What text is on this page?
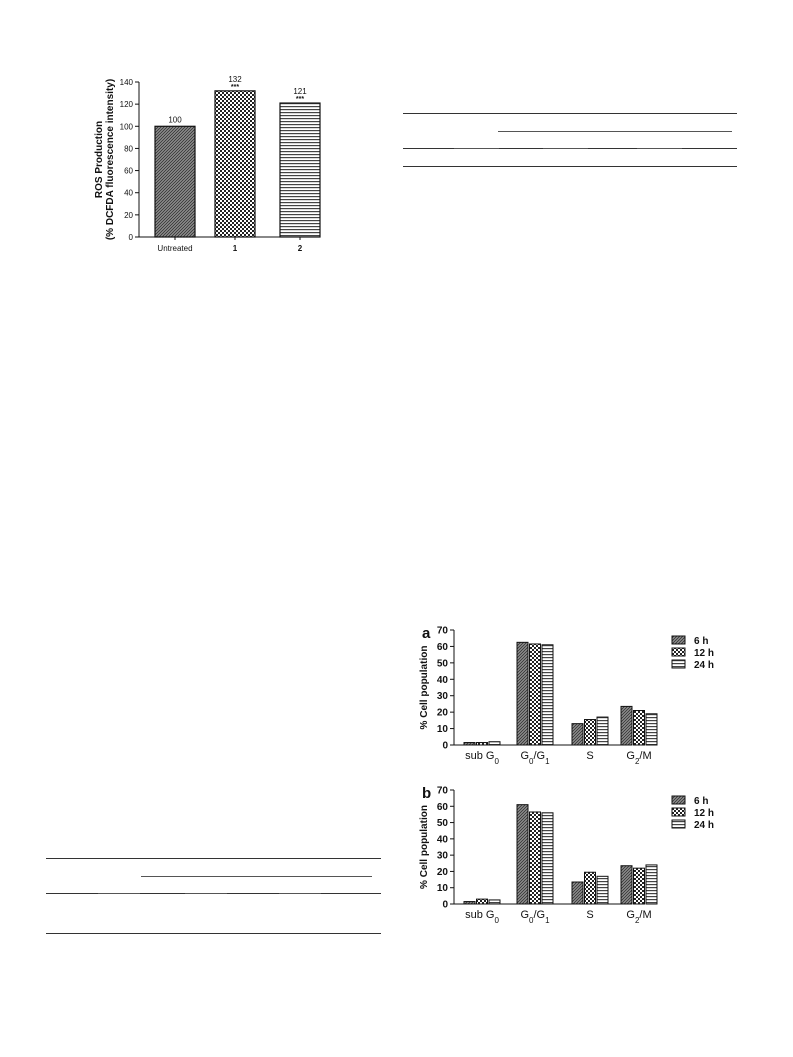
0
20
40
60
80
100
120
140
ROS Production (% DCFDA fluorescence intensity)	100
Untreated
132
***
1
121
***
2
a
0
10
20
30
40
50
60
70
% Cell population
sub $G_0$ $G_0/G_1$	S	$G_2/M$
6 h
12 h
24 h
b
0
10
20
30
40
50
60
70
% Cell population
sub $G_0$ $G_0/G_1$	S	$G_2/M$
6 h
12 h
24 h
